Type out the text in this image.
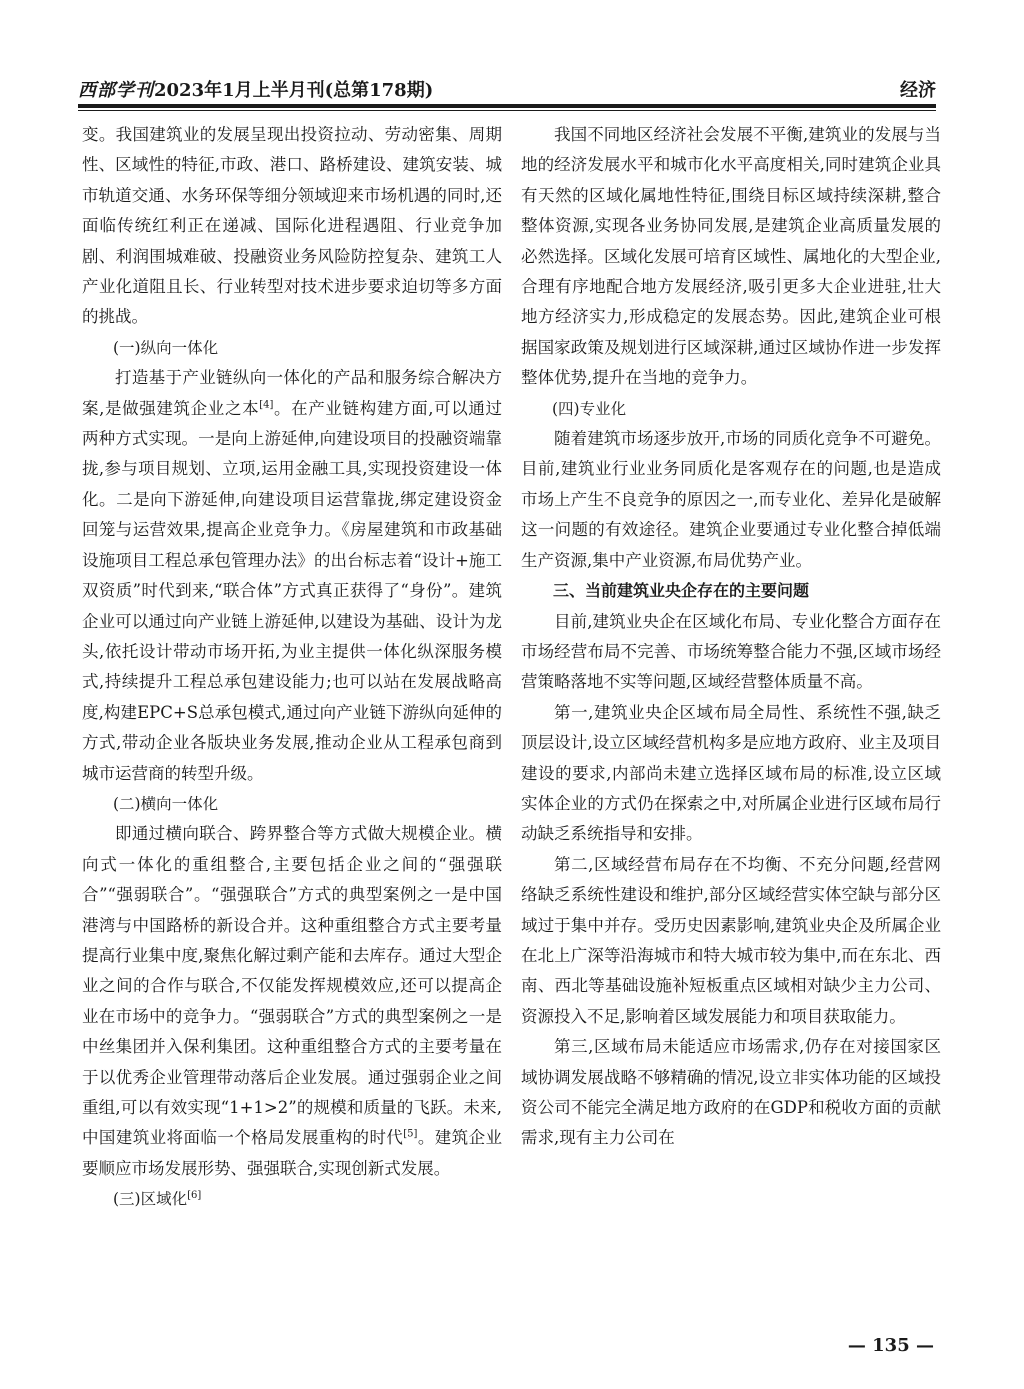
西部学刊2023年1月上半月刊(总第178期)	经济

变。我国建筑业的发展呈现出投资拉动、劳动密集、周期性、区域性的特征,市政、港口、路桥建设、建筑安装、城市轨道交通、水务环保等细分领域迎来市场机遇的同时,还面临传统红利正在递减、国际化进程遇阻、行业竞争加剧、利润围城难破、投融资业务风险防控复杂、建筑工人产业化道阻且长、行业转型对技术进步要求迫切等多方面的挑战。

(一)纵向一体化

打造基于产业链纵向一体化的产品和服务综合解决方案,是做强建筑企业之本[4]。在产业链构建方面,可以通过两种方式实现。一是向上游延伸,向建设项目的投融资端靠拢,参与项目规划、立项,运用金融工具,实现投资建设一体化。二是向下游延伸,向建设项目运营靠拢,绑定建设资金回笼与运营效果,提高企业竞争力。《房屋建筑和市政基础设施项目工程总承包管理办法》的出台标志着“设计+施工双资质”时代到来,“联合体”方式真正获得了“身份”。建筑企业可以通过向产业链上游延伸,以建设为基础、设计为龙头,依托设计带动市场开拓,为业主提供一体化纵深服务模式,持续提升工程总承包建设能力;也可以站在发展战略高度,构建EPC+S总承包模式,通过向产业链下游纵向延伸的方式,带动企业各版块业务发展,推动企业从工程承包商到城市运营商的转型升级。

(二)横向一体化

即通过横向联合、跨界整合等方式做大规模企业。横向式一体化的重组整合,主要包括企业之间的“强强联合”“强弱联合”。“强强联合”方式的典型案例之一是中国港湾与中国路桥的新设合并。这种重组整合方式主要考量提高行业集中度,聚焦化解过剩产能和去库存。通过大型企业之间的合作与联合,不仅能发挥规模效应,还可以提高企业在市场中的竞争力。“强弱联合”方式的典型案例之一是中丝集团并入保利集团。这种重组整合方式的主要考量在于以优秀企业管理带动落后企业发展。通过强弱企业之间重组,可以有效实现“1+1>2”的规模和质量的飞跃。未来,中国建筑业将面临一个格局发展重构的时代[5]。建筑企业要顺应市场发展形势、强强联合,实现创新式发展。

(三)区域化[6]

我国不同地区经济社会发展不平衡,建筑业的发展与当地的经济发展水平和城市化水平高度相关,同时建筑企业具有天然的区域化属地性特征,围绕目标区域持续深耕,整合整体资源,实现各业务协同发展,是建筑企业高质量发展的必然选择。区域化发展可培育区域性、属地化的大型企业,合理有序地配合地方发展经济,吸引更多大企业进驻,壮大地方经济实力,形成稳定的发展态势。因此,建筑企业可根据国家政策及规划进行区域深耕,通过区域协作进一步发挥整体优势,提升在当地的竞争力。

(四)专业化

随着建筑市场逐步放开,市场的同质化竞争不可避免。目前,建筑业行业业务同质化是客观存在的问题,也是造成市场上产生不良竞争的原因之一,而专业化、差异化是破解这一问题的有效途径。建筑企业要通过专业化整合掉低端生产资源,集中产业资源,布局优势产业。

三、当前建筑业央企存在的主要问题

目前,建筑业央企在区域化布局、专业化整合方面存在市场经营布局不完善、市场统筹整合能力不强,区域市场经营策略落地不实等问题,区域经营整体质量不高。

第一,建筑业央企区域布局全局性、系统性不强,缺乏顶层设计,设立区域经营机构多是应地方政府、业主及项目建设的要求,内部尚未建立选择区域布局的标准,设立区域实体企业的方式仍在探索之中,对所属企业进行区域布局行动缺乏系统指导和安排。

第二,区域经营布局存在不均衡、不充分问题,经营网络缺乏系统性建设和维护,部分区域经营实体空缺与部分区域过于集中并存。受历史因素影响,建筑业央企及所属企业在北上广深等沿海城市和特大城市较为集中,而在东北、西南、西北等基础设施补短板重点区域相对缺少主力公司、资源投入不足,影响着区域发展能力和项目获取能力。

第三,区域布局未能适应市场需求,仍存在对接国家区域协调发展战略不够精确的情况,设立非实体功能的区域投资公司不能完全满足地方政府的在GDP和税收方面的贡献需求,现有主力公司在

— 135 —
